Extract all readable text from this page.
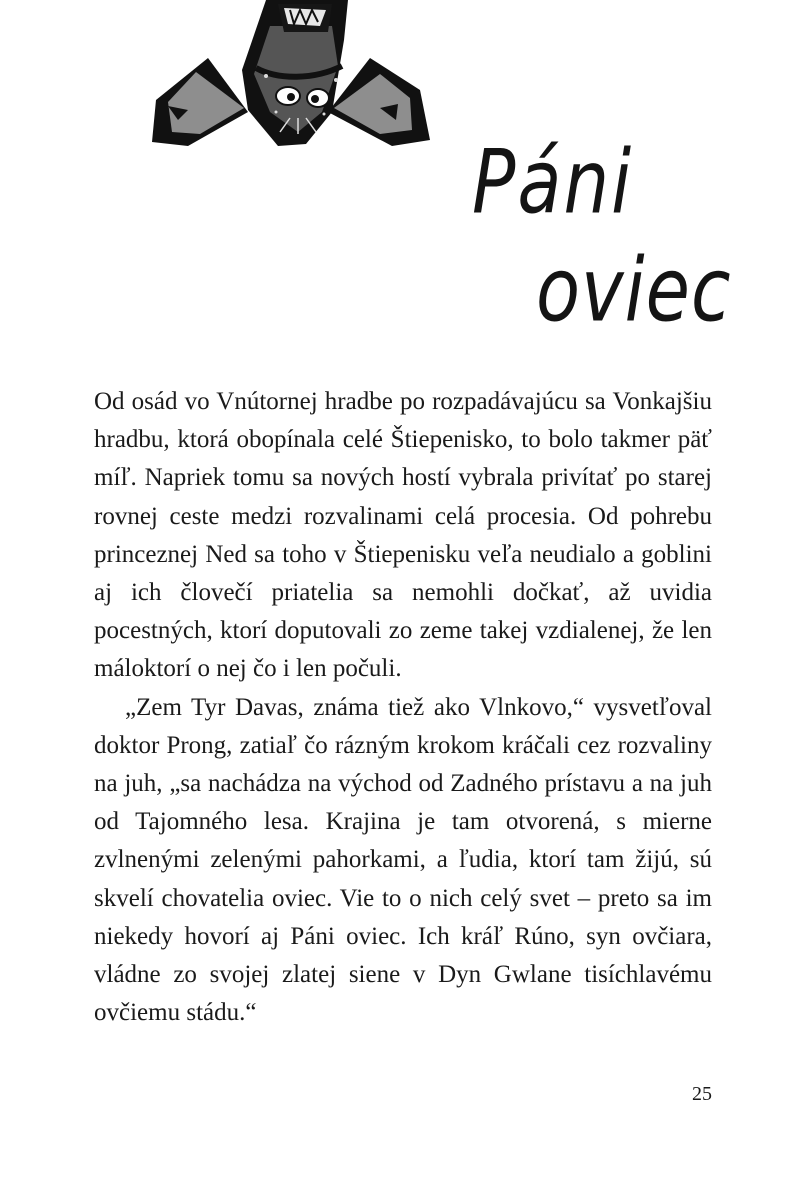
Páni
oviec

Od osád vo Vnútornej hradbe po rozpadávajúcu sa Vonkajšiu hradbu, ktorá obopínala celé Štiepenisko, to bolo takmer päť míľ. Napriek tomu sa nových hostí vybrala privítať po starej rovnej ceste medzi rozvalinami celá procesia. Od pohrebu princeznej Ned sa toho v Štiepenisku veľa neudialo a goblini aj ich človečí priatelia sa nemohli dočkať, až uvidia pocestných, ktorí doputovali zo zeme takej vzdialenej, že len máloktorí o nej čo i len počuli.

„Zem Tyr Davas, známa tiež ako Vlnkovo,“ vysvetľoval doktor Prong, zatiaľ čo rázným krokom kráčali cez rozvaliny na juh, „sa nachádza na východ od Zadného prístavu a na juh od Tajomného lesa. Krajina je tam otvorená, s mierne zvlnenými zelenými pahorkami, a ľudia, ktorí tam žijú, sú skvelí chovatelia oviec. Vie to o nich celý svet – preto sa im niekedy hovorí aj Páni oviec. Ich kráľ Rúno, syn ovčiara, vládne zo svojej zlatej siene v Dyn Gwlane tisíchlavému ovčiemu stádu.“

25
